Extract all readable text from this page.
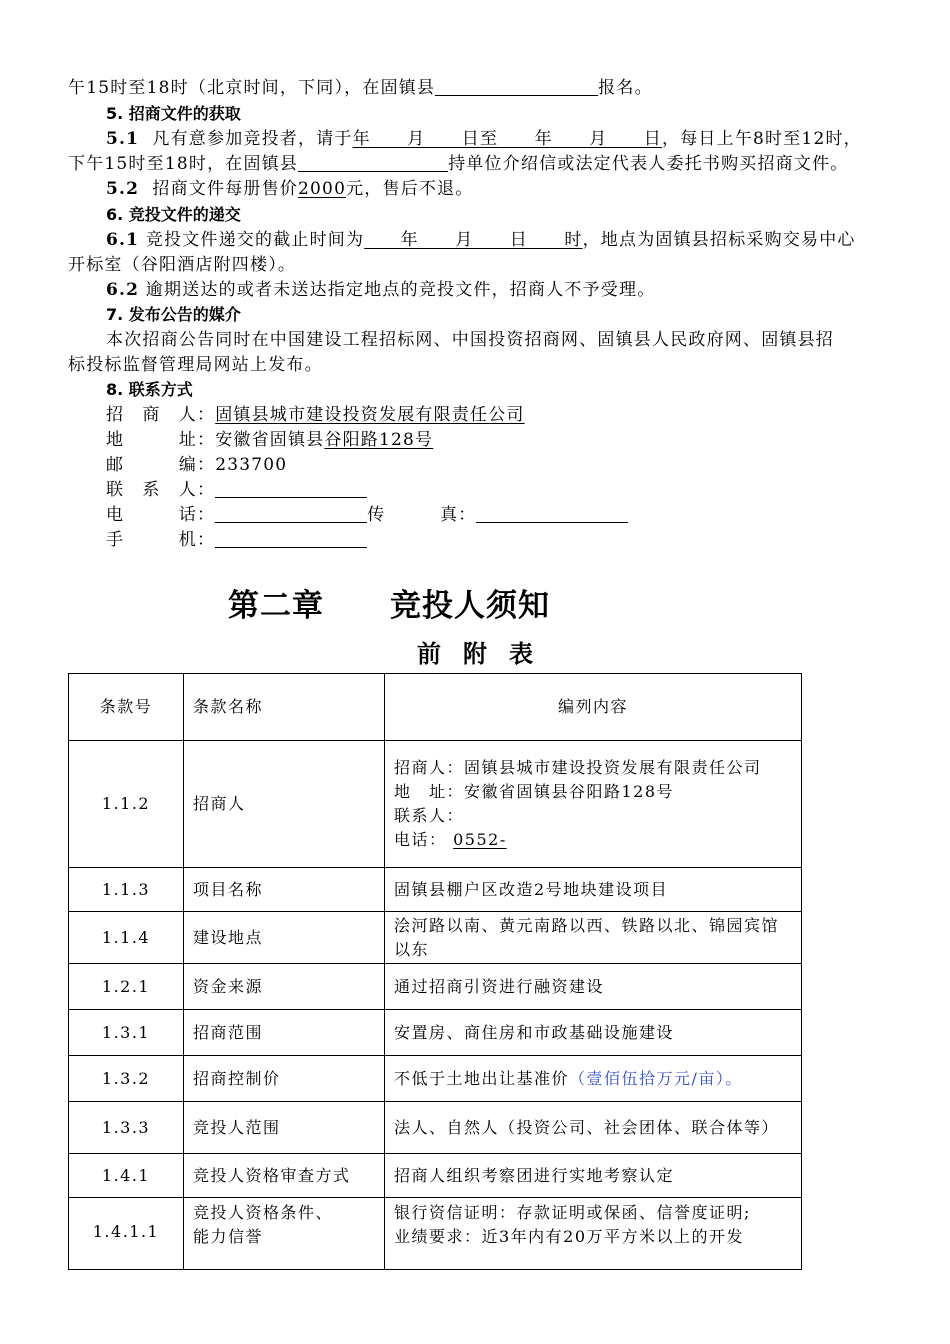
午15时至18时（北京时间，下同），在固镇县	报名。
5. 招商文件的获取
5.1 凡有意参加竞投者，请于年　　月　　日至　　年　　月　　日，每日上午8时至12时，
下午15时至18时，在固镇县	持单位介绍信或法定代表人委托书购买招商文件。
5.2 招商文件每册售价2000元，售后不退。
6. 竞投文件的递交
6.1 竞投文件递交的截止时间为　　年　　月　　日　　时，地点为固镇县招标采购交易中心
开标室（谷阳酒店附四楼）。
6.2 逾期送达的或者未送达指定地点的竞投文件，招商人不予受理。
7. 发布公告的媒介
本次招商公告同时在中国建设工程招标网、中国投资招商网、固镇县人民政府网、固镇县招
标投标监督管理局网站上发布。
8. 联系方式
招　商　人：固镇县城市建设投资发展有限责任公司
地　　　址：安徽省固镇县谷阳路128号
邮　　　编：233700
联　系　人：
电　　　话：	传　　　真：
手　　　机：
第二章 竞投人须知
前附表
条款号	条款名称	编列内容
1.1.2	招商人	招商人：固镇县城市建设投资发展有限责任公司
地　址：安徽省固镇县谷阳路128号
联系人：
电话： 0552-

1.1.3	项目名称	固镇县棚户区改造2号地块建设项目
1.1.4	建设地点	浍河路以南、黄元南路以西、铁路以北、锦园宾馆以东
1.2.1	资金来源	通过招商引资进行融资建设
1.3.1	招商范围	安置房、商住房和市政基础设施建设
1.3.2	招商控制价	不低于土地出让基准价（壹佰伍拾万元/亩）。
1.3.3	竞投人范围	法人、自然人（投资公司、社会团体、联合体等）
1.4.1	竞投人资格审查方式	招商人组织考察团进行实地考察认定
1.4.1.1	竞投人资格条件、
能力信誉	银行资信证明：存款证明或保函、信誉度证明;
业绩要求：近3年内有20万平方米以上的开发
